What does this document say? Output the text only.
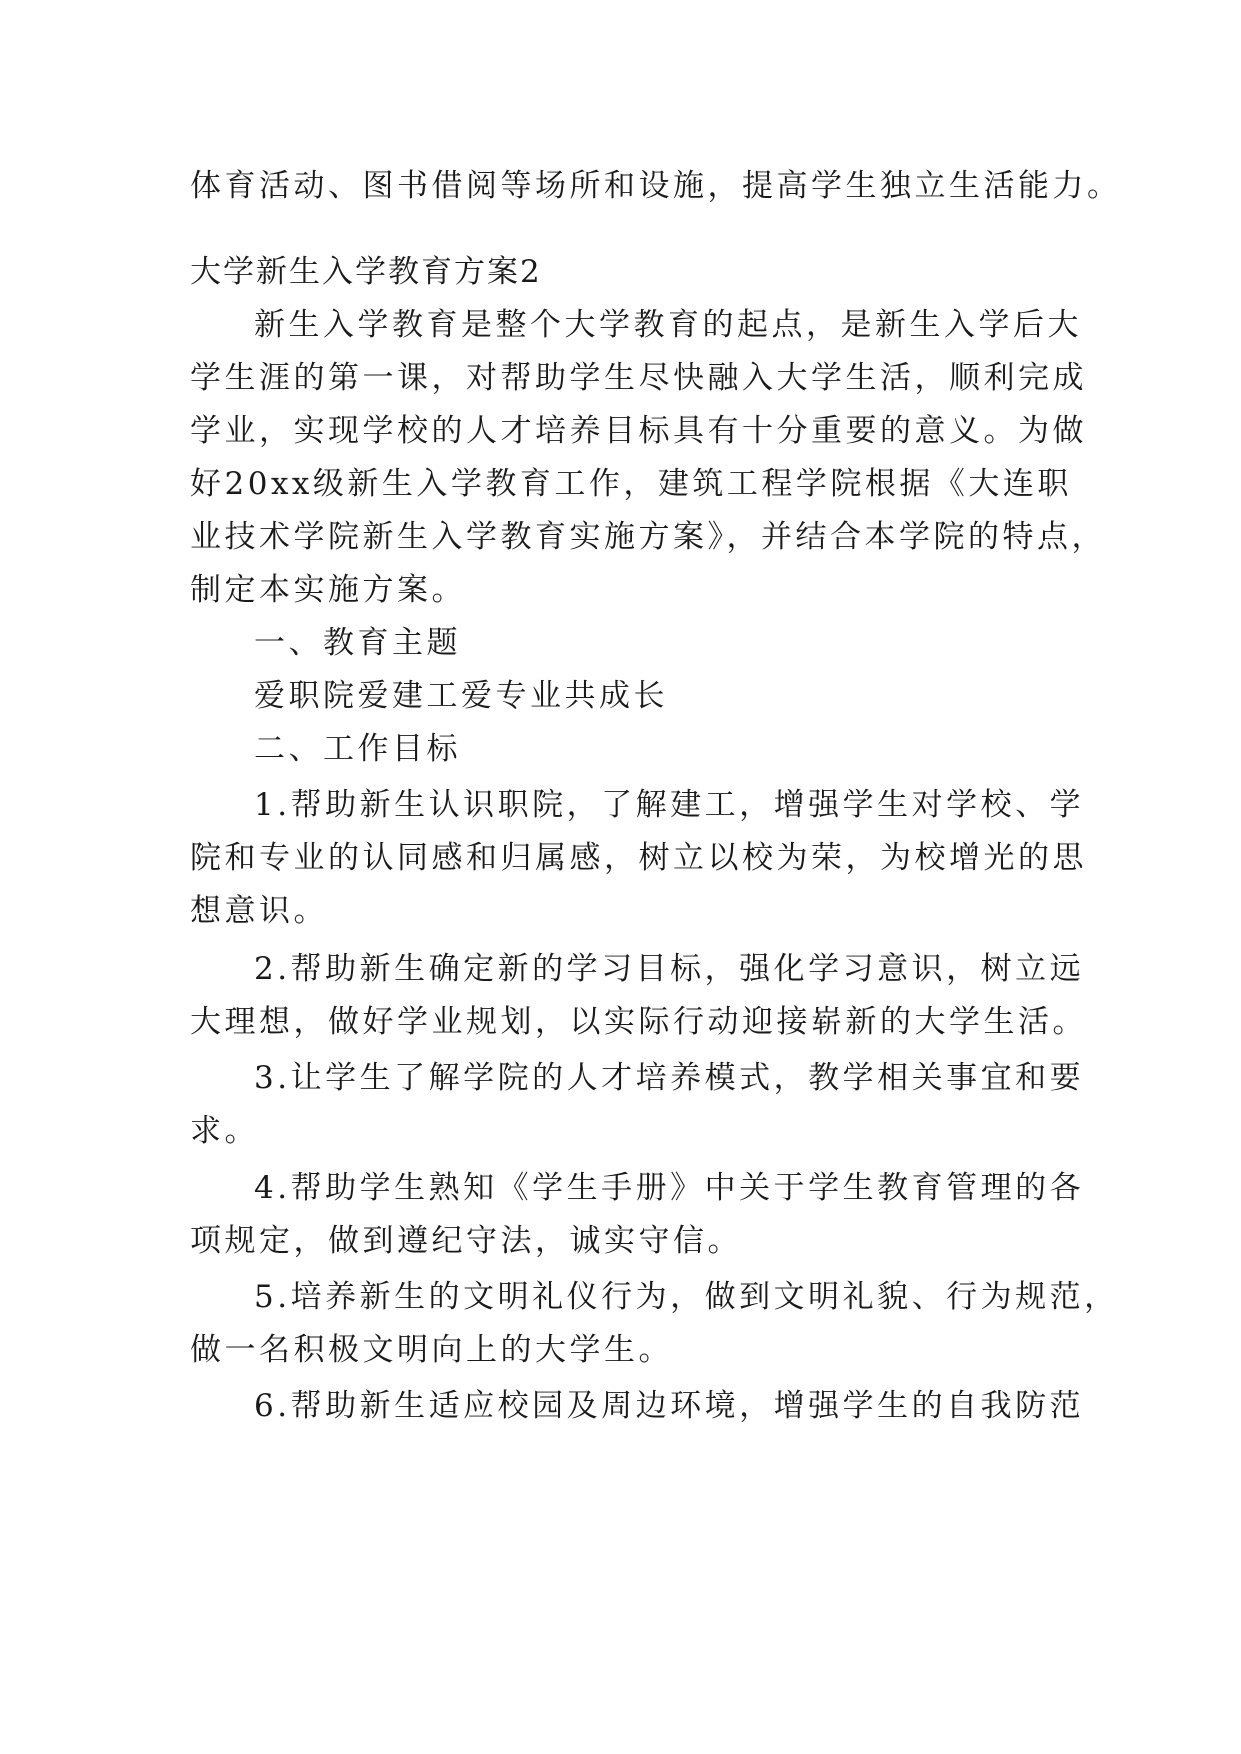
体育活动、图书借阅等场所和设施，提高学生独立生活能力。
大学新生入学教育方案2
新生入学教育是整个大学教育的起点，是新生入学后大
学生涯的第一课，对帮助学生尽快融入大学生活，顺利完成
学业，实现学校的人才培养目标具有十分重要的意义。为做
好20xx级新生入学教育工作，建筑工程学院根据《大连职
业技术学院新生入学教育实施方案》，并结合本学院的特点，
制定本实施方案。
一、教育主题
爱职院爱建工爱专业共成长
二、工作目标
1.帮助新生认识职院，了解建工，增强学生对学校、学
院和专业的认同感和归属感，树立以校为荣，为校增光的思
想意识。
2.帮助新生确定新的学习目标，强化学习意识，树立远
大理想，做好学业规划，以实际行动迎接崭新的大学生活。
3.让学生了解学院的人才培养模式，教学相关事宜和要
求。
4.帮助学生熟知《学生手册》中关于学生教育管理的各
项规定，做到遵纪守法，诚实守信。
5.培养新生的文明礼仪行为，做到文明礼貌、行为规范，
做一名积极文明向上的大学生。
6.帮助新生适应校园及周边环境，增强学生的自我防范
